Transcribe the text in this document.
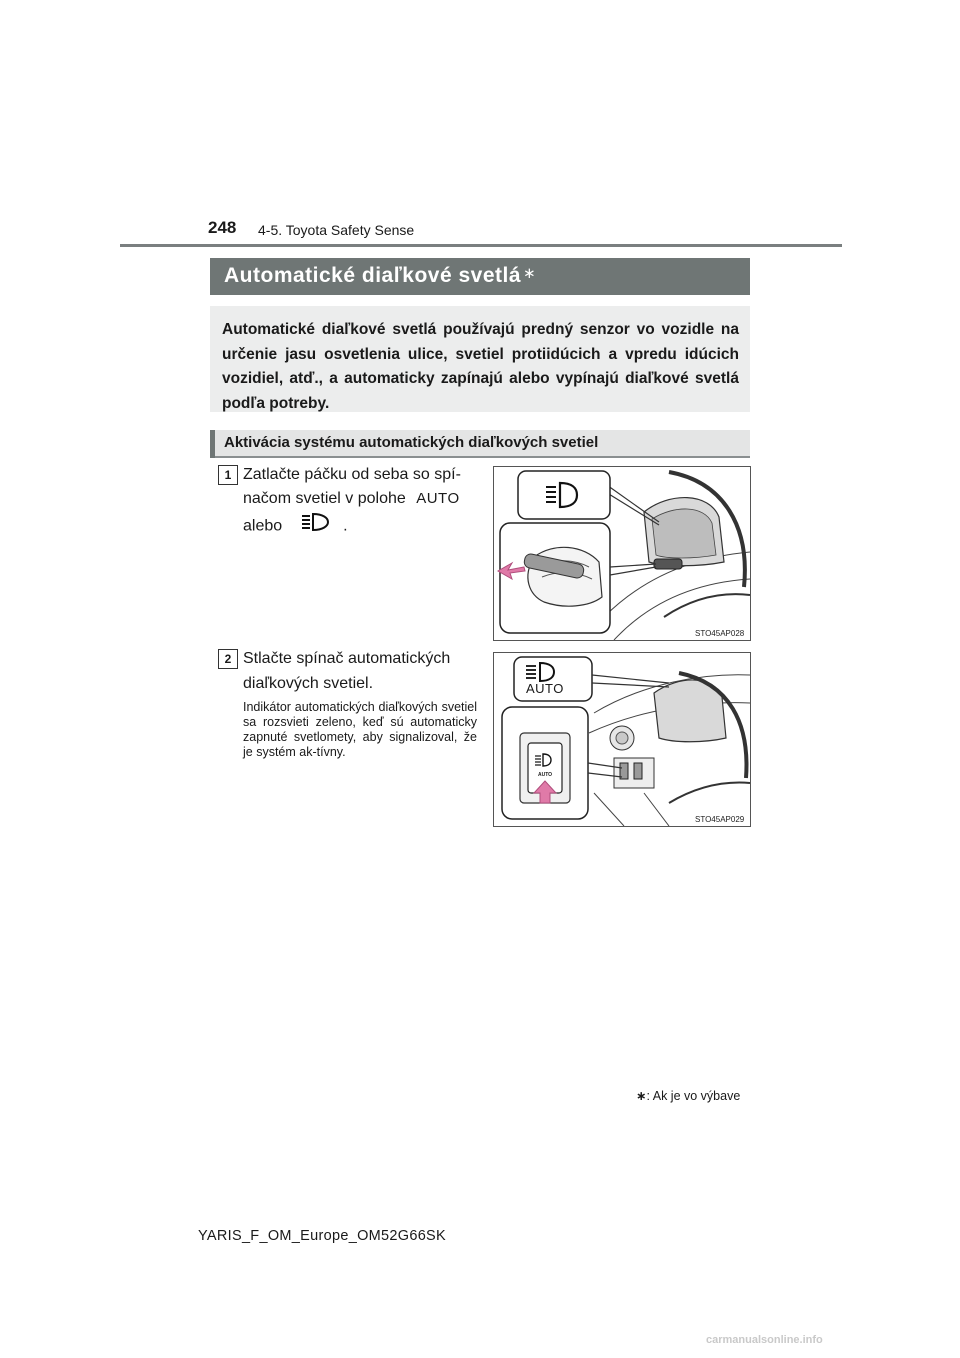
248 4-5. Toyota Safety Sense
Automatické diaľkové svetlá ∗

Automatické diaľkové svetlá používajú predný senzor vo vozidle na určenie jasu osvetlenia ulice, svetiel protiidúcich a vpredu idúcich vozidiel, atď., a automaticky zapínajú alebo vypínajú diaľkové svetlá podľa potreby.

Aktivácia systému automatických diaľkových svetiel
1 Zatlačte páčku od seba so spí-
načom svetiel v polohe AUTO
alebo	.
STO45AP028
2 Stlačte spínač automatických
diaľkových svetiel.
Indikátor automatických diaľkových svetiel sa rozsvieti zeleno, keď sú automaticky zapnuté svetlomety, aby signalizoval, že je systém ak-tívny.
AUTO
AUTO
STO45AP029
∗: Ak je vo výbave
YARIS_F_OM_Europe_OM52G66SK
carmanualsonline.info
